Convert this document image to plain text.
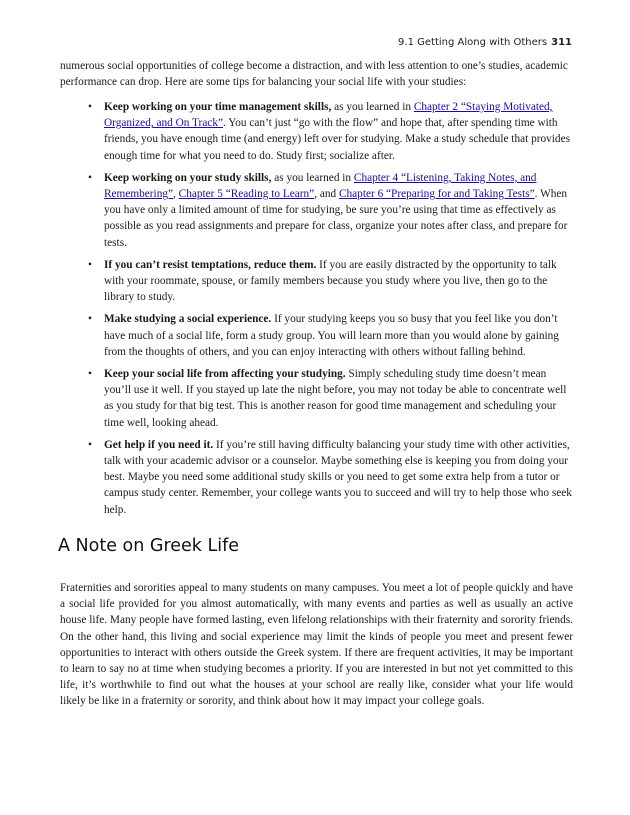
9.1 Getting Along with Others 311

numerous social opportunities of college become a distraction, and with less attention to one’s studies, academic performance can drop. Here are some tips for balancing your social life with your studies:

• Keep working on your time management skills, as you learned in Chapter 2 “Staying Motivated, Organized, and On Track”. You can’t just “go with the flow” and hope that, after spending time with friends, you have enough time (and energy) left over for studying. Make a study schedule that provides enough time for what you need to do. Study first; socialize after.
• Keep working on your study skills, as you learned in Chapter 4 “Listening, Taking Notes, and Remembering”, Chapter 5 “Reading to Learn”, and Chapter 6 “Preparing for and Taking Tests”. When you have only a limited amount of time for studying, be sure you’re using that time as effectively as possible as you read assignments and prepare for class, organize your notes after class, and prepare for tests.
• If you can’t resist temptations, reduce them. If you are easily distracted by the opportunity to talk with your roommate, spouse, or family members because you study where you live, then go to the library to study.
• Make studying a social experience. If your studying keeps you so busy that you feel like you don’t have much of a social life, form a study group. You will learn more than you would alone by gaining from the thoughts of others, and you can enjoy interacting with others without falling behind.
• Keep your social life from affecting your studying. Simply scheduling study time doesn’t mean you’ll use it well. If you stayed up late the night before, you may not today be able to concentrate well as you study for that big test. This is another reason for good time management and scheduling your time well, looking ahead.
• Get help if you need it. If you’re still having difficulty balancing your study time with other activities, talk with your academic advisor or a counselor. Maybe something else is keeping you from doing your best. Maybe you need some additional study skills or you need to get some extra help from a tutor or campus study center. Remember, your college wants you to succeed and will try to help those who seek help.
A Note on Greek Life

Fraternities and sororities appeal to many students on many campuses. You meet a lot of people quickly and have a social life provided for you almost automatically, with many events and parties as well as usually an active house life. Many people have formed lasting, even lifelong relationships with their fraternity and sorority friends. On the other hand, this living and social experience may limit the kinds of people you meet and present fewer opportunities to interact with others outside the Greek system. If there are frequent activities, it may be important to learn to say no at time when studying becomes a priority. If you are interested in but not yet committed to this life, it’s worthwhile to find out what the houses at your school are really like, consider what your life would likely be like in a fraternity or sorority, and think about how it may impact your college goals.
